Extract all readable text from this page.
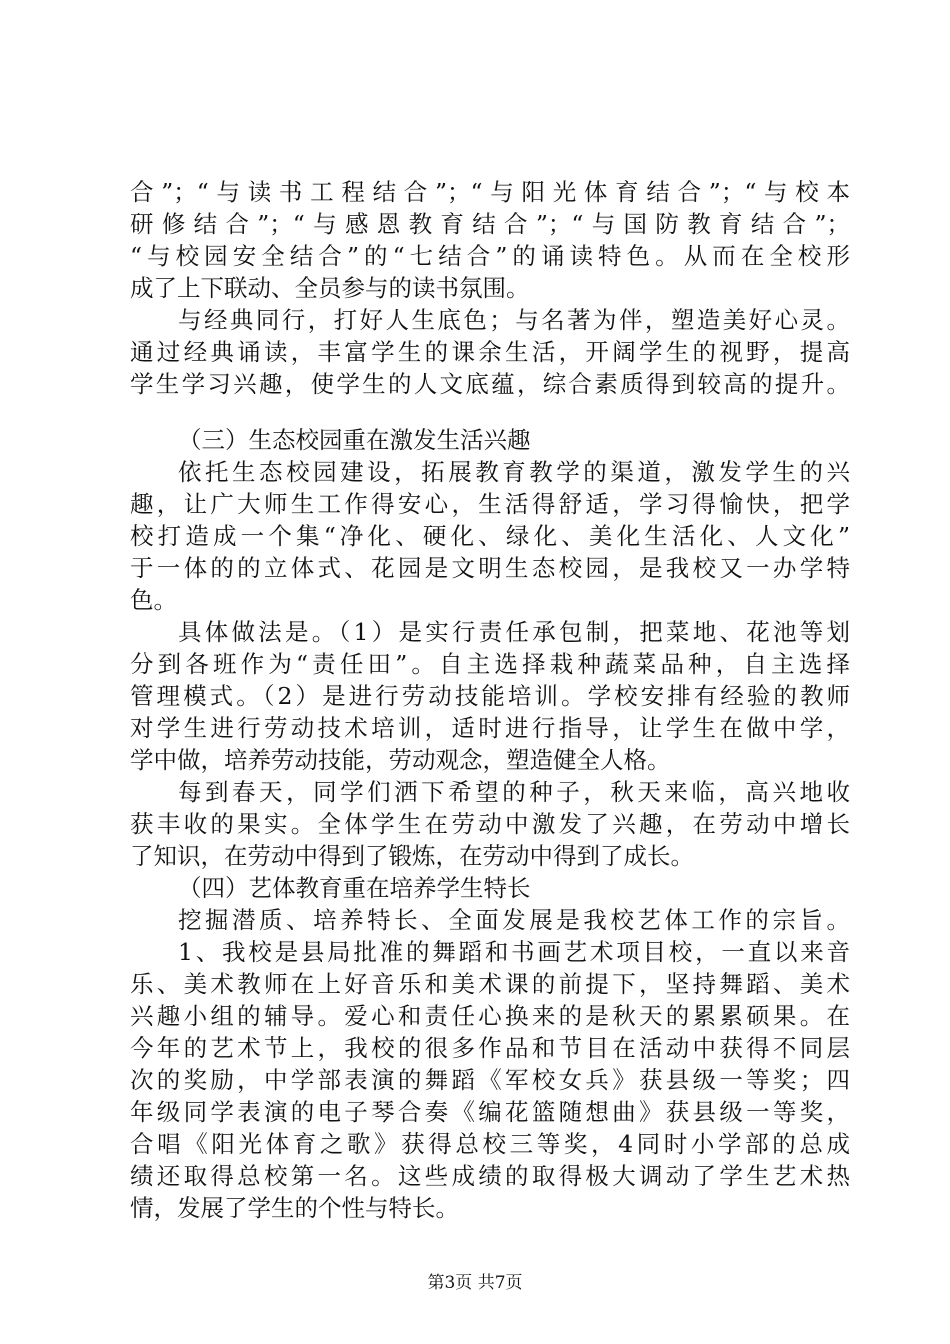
合”；“与读书工程结合”；“与阳光体育结合”；“与校本
研修结合”；“与感恩教育结合”；“与国防教育结合”；
“与校园安全结合”的“七结合”的诵读特色。从而在全校形
成了上下联动、全员参与的读书氛围。
与经典同行，打好人生底色；与名著为伴，塑造美好心灵。
通过经典诵读，丰富学生的课余生活，开阔学生的视野，提高
学生学习兴趣，使学生的人文底蕴，综合素质得到较高的提升。
（三）生态校园重在激发生活兴趣
依托生态校园建设，拓展教育教学的渠道，激发学生的兴
趣，让广大师生工作得安心，生活得舒适，学习得愉快，把学
校打造成一个集“净化、硬化、绿化、美化生活化、人文化”
于一体的的立体式、花园是文明生态校园，是我校又一办学特
色。
具体做法是。（1）是实行责任承包制，把菜地、花池等划
分到各班作为“责任田”。自主选择栽种蔬菜品种，自主选择
管理模式。（2）是进行劳动技能培训。学校安排有经验的教师
对学生进行劳动技术培训，适时进行指导，让学生在做中学，
学中做，培养劳动技能，劳动观念，塑造健全人格。
每到春天，同学们洒下希望的种子，秋天来临，高兴地收
获丰收的果实。全体学生在劳动中激发了兴趣，在劳动中增长
了知识，在劳动中得到了锻炼，在劳动中得到了成长。
（四）艺体教育重在培养学生特长
挖掘潜质、培养特长、全面发展是我校艺体工作的宗旨。
1、我校是县局批准的舞蹈和书画艺术项目校，一直以来音
乐、美术教师在上好音乐和美术课的前提下，坚持舞蹈、美术
兴趣小组的辅导。爱心和责任心换来的是秋天的累累硕果。在
今年的艺术节上，我校的很多作品和节目在活动中获得不同层
次的奖励，中学部表演的舞蹈《军校女兵》获县级一等奖；四
年级同学表演的电子琴合奏《编花篮随想曲》获县级一等奖，
合唱《阳光体育之歌》获得总校三等奖，4同时小学部的总成
绩还取得总校第一名。这些成绩的取得极大调动了学生艺术热
情，发展了学生的个性与特长。
第3页 共7页
